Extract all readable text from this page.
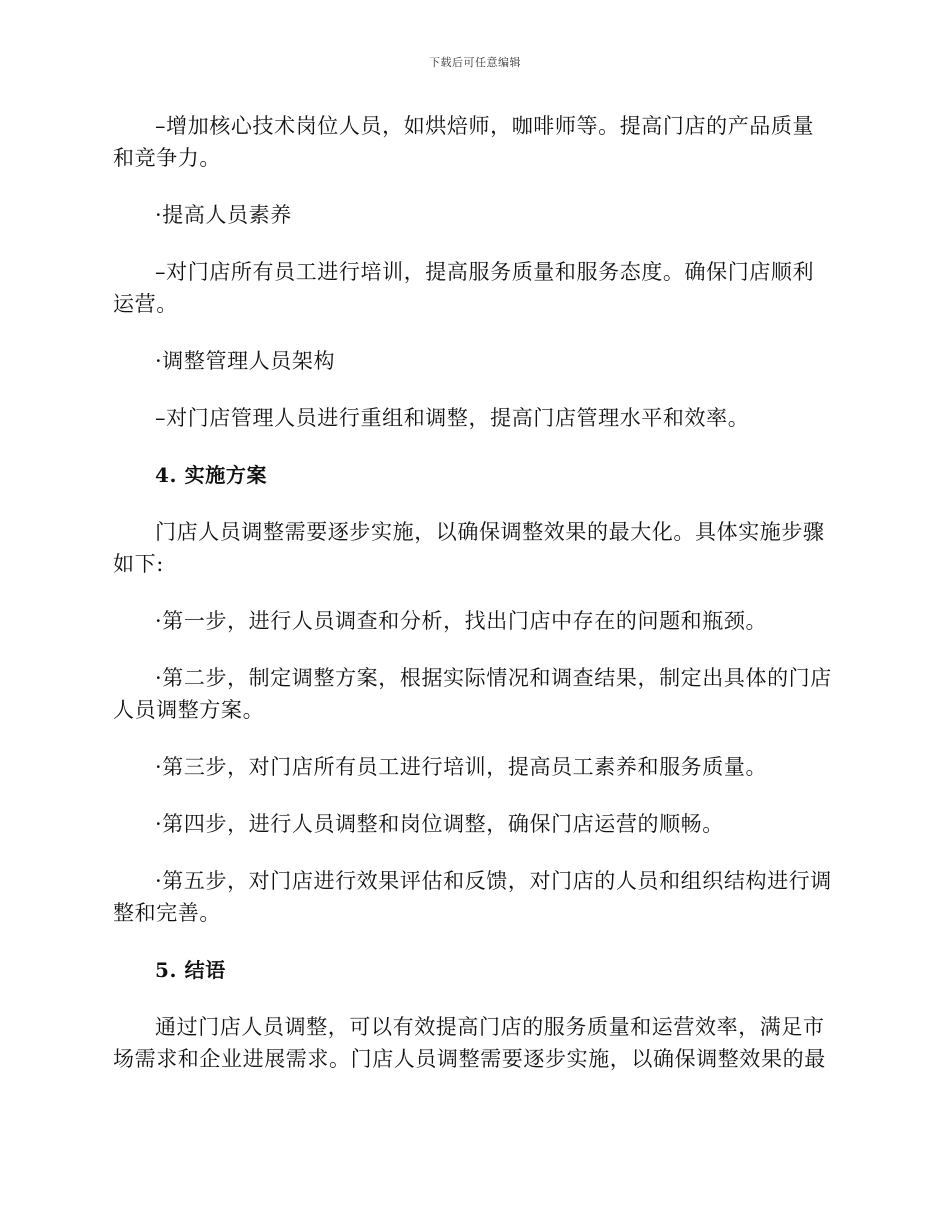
下载后可任意编辑

–增加核心技术岗位人员，如烘焙师，咖啡师等。提高门店的产品质量和竞争力。

·提高人员素养

–对门店所有员工进行培训，提高服务质量和服务态度。确保门店顺利运营。

·调整管理人员架构

–对门店管理人员进行重组和调整，提高门店管理水平和效率。

4. 实施方案

门店人员调整需要逐步实施，以确保调整效果的最大化。具体实施步骤如下:

·第一步，进行人员调查和分析，找出门店中存在的问题和瓶颈。

·第二步，制定调整方案，根据实际情况和调查结果，制定出具体的门店人员调整方案。

·第三步，对门店所有员工进行培训，提高员工素养和服务质量。

·第四步，进行人员调整和岗位调整，确保门店运营的顺畅。

·第五步，对门店进行效果评估和反馈，对门店的人员和组织结构进行调整和完善。

5. 结语

通过门店人员调整，可以有效提高门店的服务质量和运营效率，满足市场需求和企业进展需求。门店人员调整需要逐步实施，以确保调整效果的最
